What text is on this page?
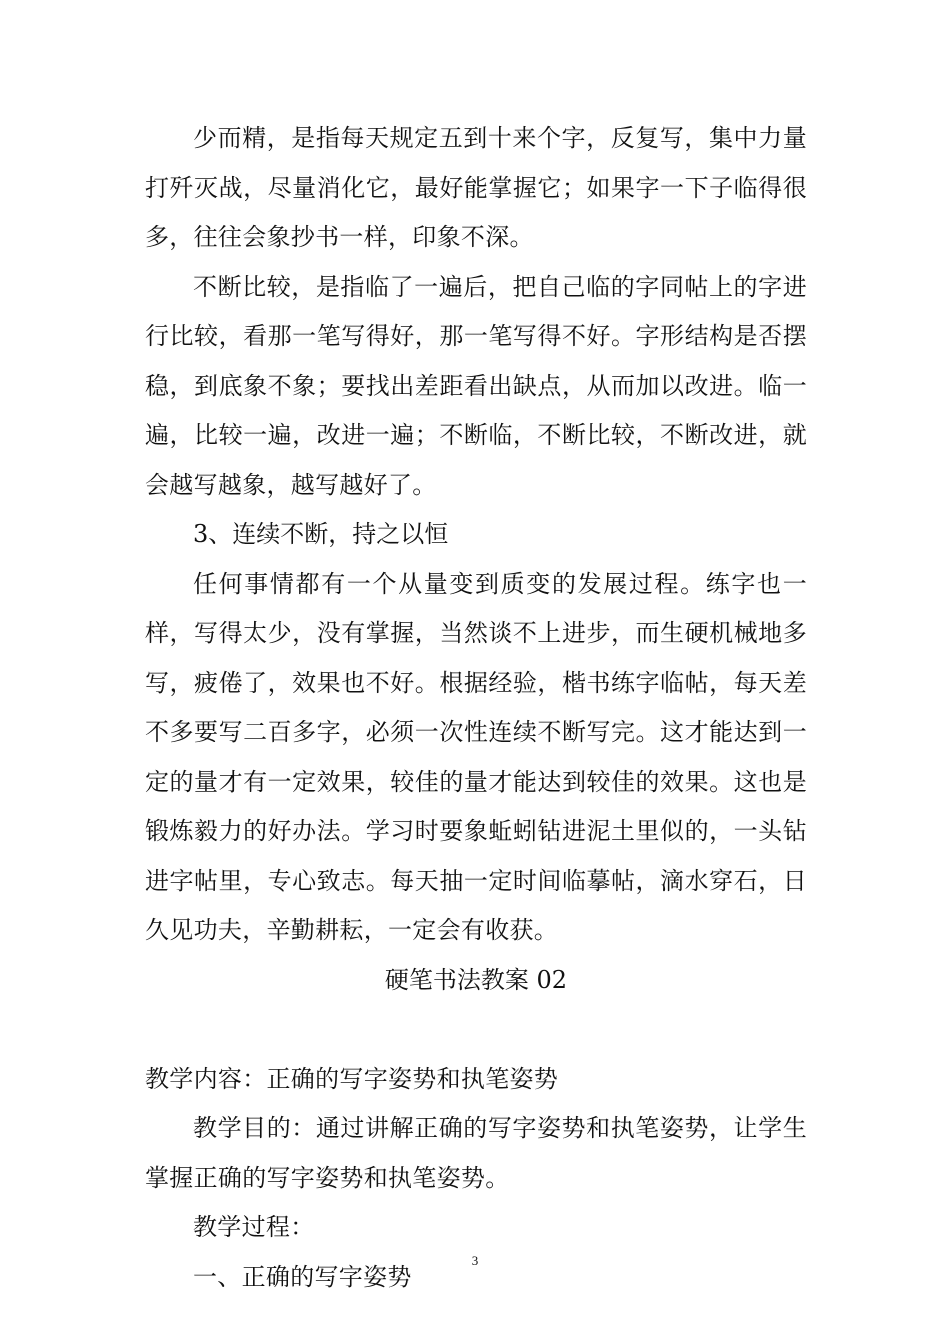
少而精，是指每天规定五到十来个字，反复写，集中力量打歼灭战，尽量消化它，最好能掌握它；如果字一下子临得很多，往往会象抄书一样，印象不深。

不断比较，是指临了一遍后，把自己临的字同帖上的字进行比较，看那一笔写得好，那一笔写得不好。字形结构是否摆稳，到底象不象；要找出差距看出缺点，从而加以改进。临一遍，比较一遍，改进一遍；不断临，不断比较，不断改进，就会越写越象，越写越好了。

3、连续不断，持之以恒

任何事情都有一个从量变到质变的发展过程。练字也一样，写得太少，没有掌握，当然谈不上进步，而生硬机械地多写，疲倦了，效果也不好。根据经验，楷书练字临帖，每天差不多要写二百多字，必须一次性连续不断写完。这才能达到一定的量才有一定效果，较佳的量才能达到较佳的效果。这也是锻炼毅力的好办法。学习时要象蚯蚓钻进泥土里似的，一头钻进字帖里，专心致志。每天抽一定时间临摹帖，滴水穿石，日久见功夫，辛勤耕耘，一定会有收获。

硬笔书法教案 02

教学内容：正确的写字姿势和执笔姿势

教学目的：通过讲解正确的写字姿势和执笔姿势，让学生掌握正确的写字姿势和执笔姿势。

教学过程：

一、正确的写字姿势

3
